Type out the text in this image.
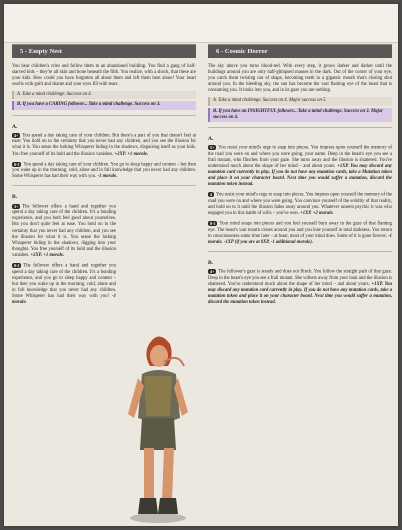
5 - Empty Nest

You hear children's cries and follow them to an abandoned building. You find a gang of half-starved kids – they're all skin and bone beneath the filth. You realize, with a shock, that these are your kids. How could you have forgotten all about them and left them here alone! Your heart swells with guilt and shame and your eyes fill with tears.

A. Take a mind challenge. Success on 4.
B. If you have a CARING follower... Take a mind challenge. Success on 3.
A.

4+ You spend a day taking care of your children. But there's a part of you that doesn't feel at ease: You hold on to the certainty that you never had any children, and you see the illusion for what it is. You sense the lurking Whisperer hiding in the shadows, disguising itself as your kids. You free yourself of its hold and the illusion vanishes. +2XP. +1 morale.

0-3 You spend a day taking care of your children. You go to sleep happy and content – but then you wake up in the morning, cold, alone and in full knowledge that you never had any children. Some Whisperer has had their way with you. -1 morale.

B.

3+ The follower offers a hand and together you spend a day taking care of the children. It's a bonding experience, and you both feel good about yourselves. But you don't quite feel at ease. You hold on to the certainty that you never had any children, and you see the illusion for what it is. You sense the lurking Whisperer hiding in the shadows, digging into your thoughts. You free yourself of its hold and the illusion vanishes. +2XP. +1 morale.

0-2 The follower offers a hand and together you spend a day taking care of the children. It's a bonding experience, and you go to sleep happy and content – but then you wake up in the morning, cold, alone and in full knowledge that you never had any children. Some Whisperer has had their way with you! -1 morale.

6 - Cosmic Horror

The sky above you turns blood-red. With every step, it grows darker and darker until the buildings around you are only half-glimpsed masses in the dark. Out of the corner of your eye, you catch them twisting out of shape, becoming teeth in a gigantic mouth that's closing shut around you. In the bleeding sky, the sun has become the vast flaming eye of the beast that is consuming you. It looks into you, and in its gaze you are nothing.

A. Take a mind challenge. Success on 4. Major success on 5.
B. If you have an INSIGHTFUL follower... Take a mind challenge. Success on 3. Major success on 4.
A.

5+ You resist your mind's urge to snap into pieces. You impress upon yourself the memory of the road you were on and where you were going, your name. Deep in the beast's eye you see a frail mutant, who flinches from your gaze. She turns away and the illusion is shattered. You've understood much about the shape of her mind – and about yours. +1XP. You may discard any mutation card currently in play. If you do not have any mutation cards, take a Mutation token and place it on your character board. Next time you would suffer a mutation, discard the mutation token instead.

4 You resist your mind's urge to snap into pieces. You impress upon yourself the memory of the road you were on and where you were going. You convince yourself of the solidity of that reality, and hold on to it until the illusion fades away around you. Whatever unseen psychic it was who engaged you in this battle of wills – you've won. +1XP. +2 morale.

0-3 Your mind snaps into pieces and you feel yourself burn away in the gaze of that flaming eye. The beast's vast mouth closes around you and you lose yourself in total darkness. You return to consciousness some time later – at least, most of your mind does. Some of it is gone forever. -1 morale. -1XP (if you are at 0XP, -1 additional morale).

B.

4+ The follower's gaze is steady and does not flinch. You follow the straight path of that gaze. Deep in the beast's eye you see a frail mutant. She withers away from your look and the illusion is shattered. You've understood much about the shape of her mind – and about yours. +1XP. You may discard any mutation card currently in play. If you do not have any mutation cards, take a mutation token and place it on your character board. Next time you would suffer a mutation, discard the mutation token instead.
